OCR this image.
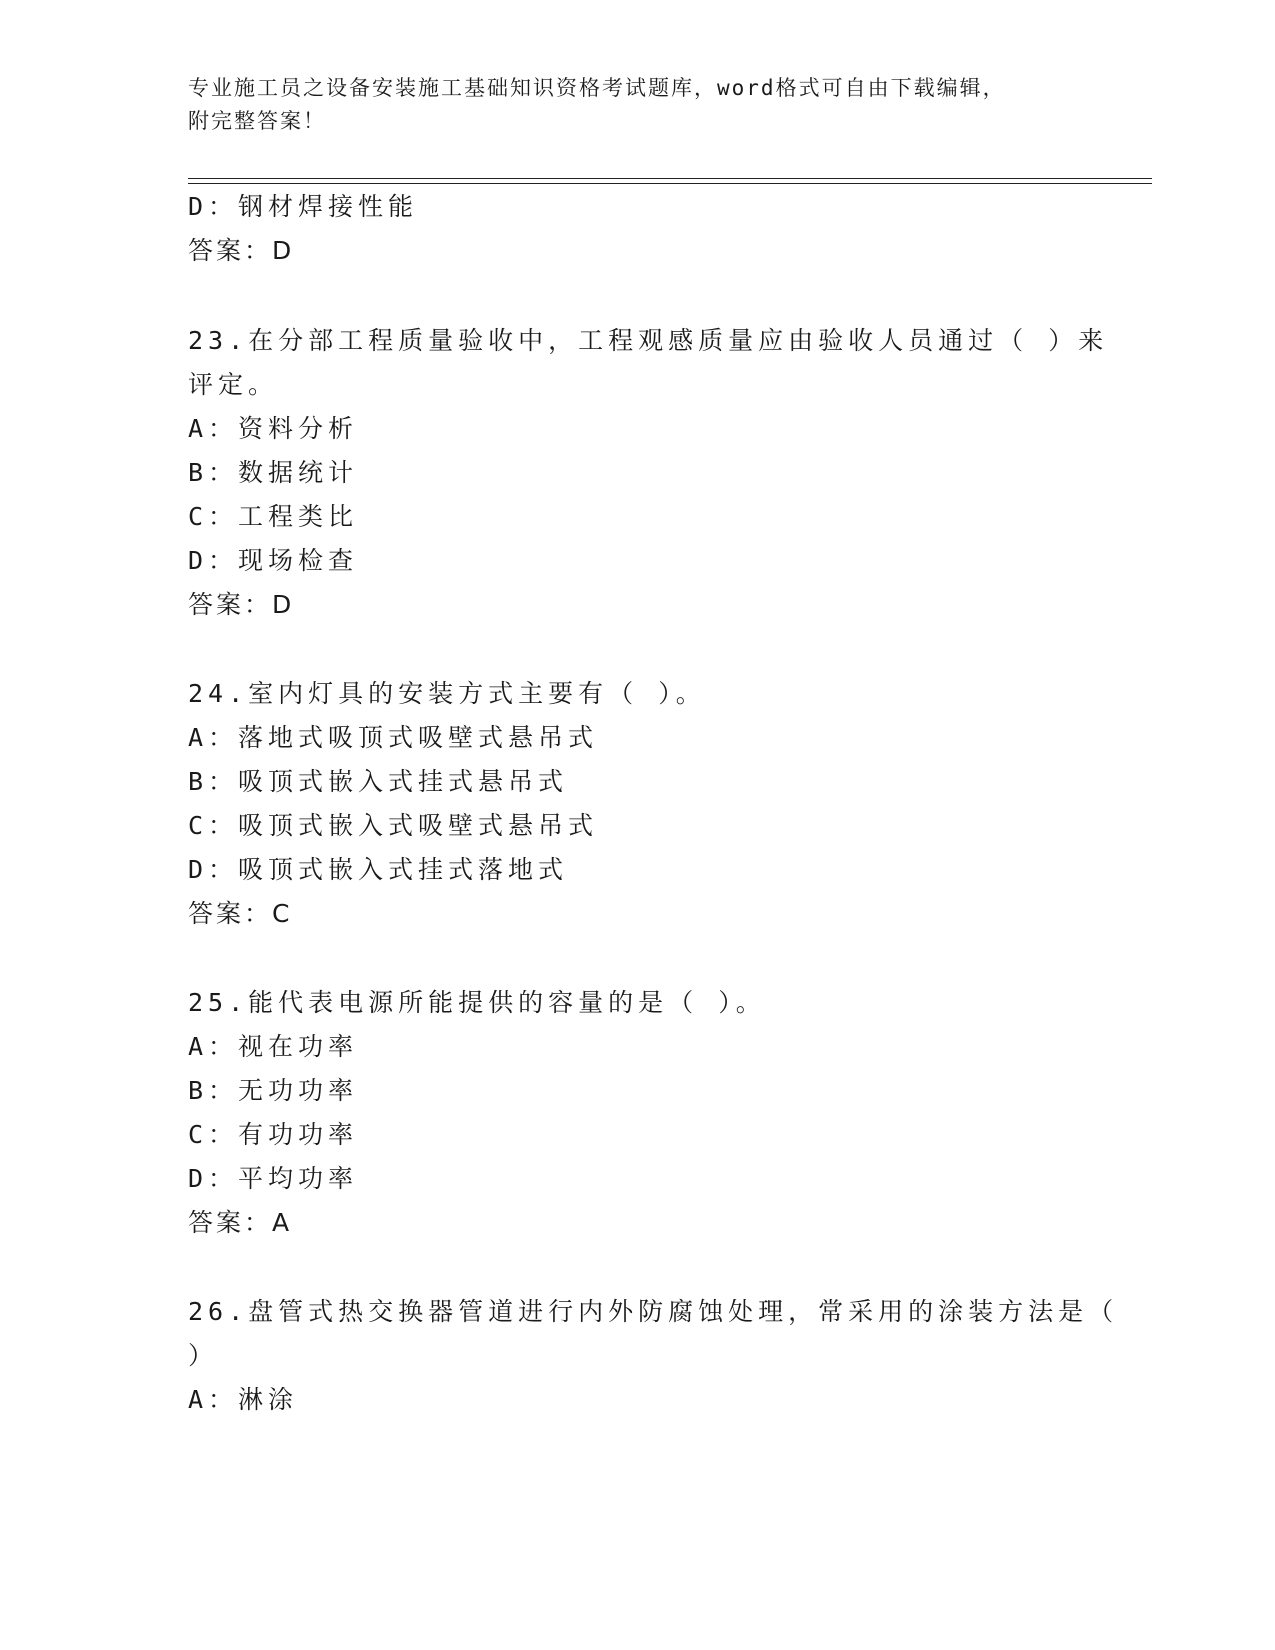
专业施工员之设备安装施工基础知识资格考试题库，word格式可自由下载编辑，
附完整答案！
D：钢材焊接性能
答案：D
23.在分部工程质量验收中，工程观感质量应由验收人员通过（ ）来
评定。
A：资料分析
B：数据统计
C：工程类比
D：现场检查
答案：D
24.室内灯具的安装方式主要有（ ）。
A：落地式吸顶式吸壁式悬吊式
B：吸顶式嵌入式挂式悬吊式
C：吸顶式嵌入式吸壁式悬吊式
D：吸顶式嵌入式挂式落地式
答案：C
25.能代表电源所能提供的容量的是（ ）。
A：视在功率
B：无功功率
C：有功功率
D：平均功率
答案：A
26.盘管式热交换器管道进行内外防腐蚀处理，常采用的涂装方法是（
）
A：淋涂
